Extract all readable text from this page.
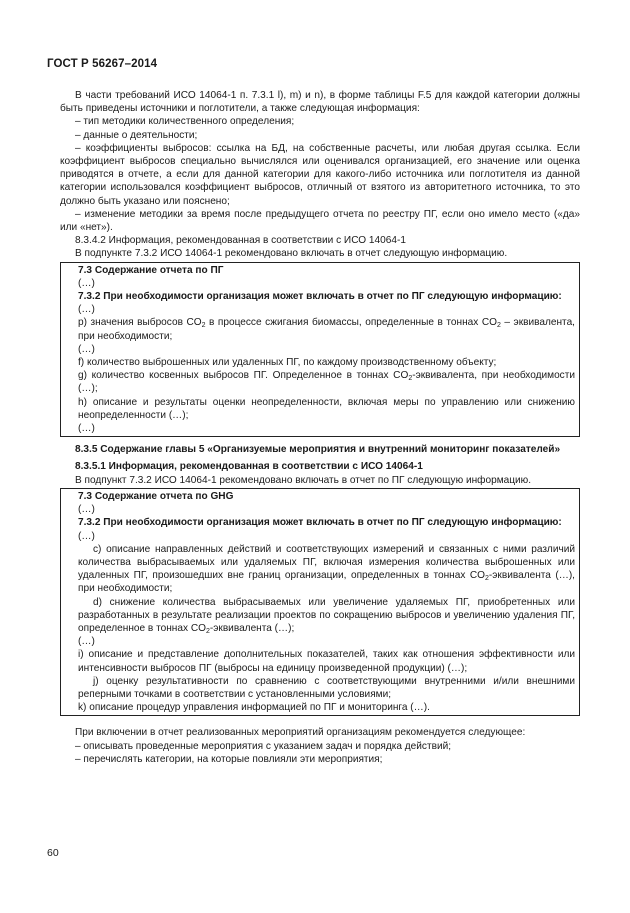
ГОСТ Р 56267–2014

В части требований ИСО 14064-1 п. 7.3.1 l), m) и n), в форме таблицы F.5 для каждой категории должны быть приведены источники и поглотители, а также следующая информация:

– тип методики количественного определения;

– данные о деятельности;

– коэффициенты выбросов: ссылка на БД, на собственные расчеты, или любая другая ссылка. Если коэффициент выбросов специально вычислялся или оценивался организацией, его значение или оценка приводятся в отчете, а если для данной категории для какого-либо источника или поглотителя из данной категории использовался коэффициент выбросов, отличный от взятого из авторитетного источника, то это должно быть указано или пояснено;

– изменение методики за время после предыдущего отчета по реестру ПГ, если оно имело место («да» или «нет»).

8.3.4.2 Информация, рекомендованная в соответствии с ИСО 14064-1

В подпункте 7.3.2 ИСО 14064-1 рекомендовано включать в отчет следующую информацию.

7.3 Содержание отчета по ПГ

(…)

7.3.2 При необходимости организация может включать в отчет по ПГ следующую информацию:

(…)

p) значения выбросов $CO_2$ в процессе сжигания биомассы, определенные в тоннах $CO_2$ – эквивалента, при необходимости;

(…)

f) количество выброшенных или удаленных ПГ, по каждому производственному объекту;

g) количество косвенных выбросов ПГ. Определенное в тоннах $CO_2$-эквивалента, при необходимости (…);

h) описание и результаты оценки неопределенности, включая меры по управлению или снижению неопределенности (…);

(…)

8.3.5 Содержание главы 5 «Организуемые мероприятия и внутренний мониторинг показателей»

8.3.5.1 Информация, рекомендованная в соответствии с ИСО 14064-1

В подпункт 7.3.2 ИСО 14064-1 рекомендовано включать в отчет по ПГ следующую информацию.

7.3 Содержание отчета по GHG

(…)

7.3.2 При необходимости организация может включать в отчет по ПГ следующую информацию:

(…)

c) описание направленных действий и соответствующих измерений и связанных с ними различий количества выбрасываемых или удаляемых ПГ, включая измерения количества выброшенных или удаленных ПГ, произошедших вне границ организации, определенных в тоннах $CO_2$-эквивалента (…), при необходимости;

d) снижение количества выбрасываемых или увеличение удаляемых ПГ, приобретенных или разработанных в результате реализации проектов по сокращению выбросов и увеличению удаления ПГ, определенное в тоннах $CO_2$-эквивалента (…);

(…)

i) описание и представление дополнительных показателей, таких как отношения эффективности или интенсивности выбросов ПГ (выбросы на единицу произведенной продукции) (…);

j) оценку результативности по сравнению с соответствующими внутренними и/или внешними реперными точками в соответствии с установленными условиями;

k) описание процедур управления информацией по ПГ и мониторинга (…).

При включении в отчет реализованных мероприятий организациям рекомендуется следующее:

– описывать проведенные мероприятия с указанием задач и порядка действий;

– перечислять категории, на которые повлияли эти мероприятия;

60
